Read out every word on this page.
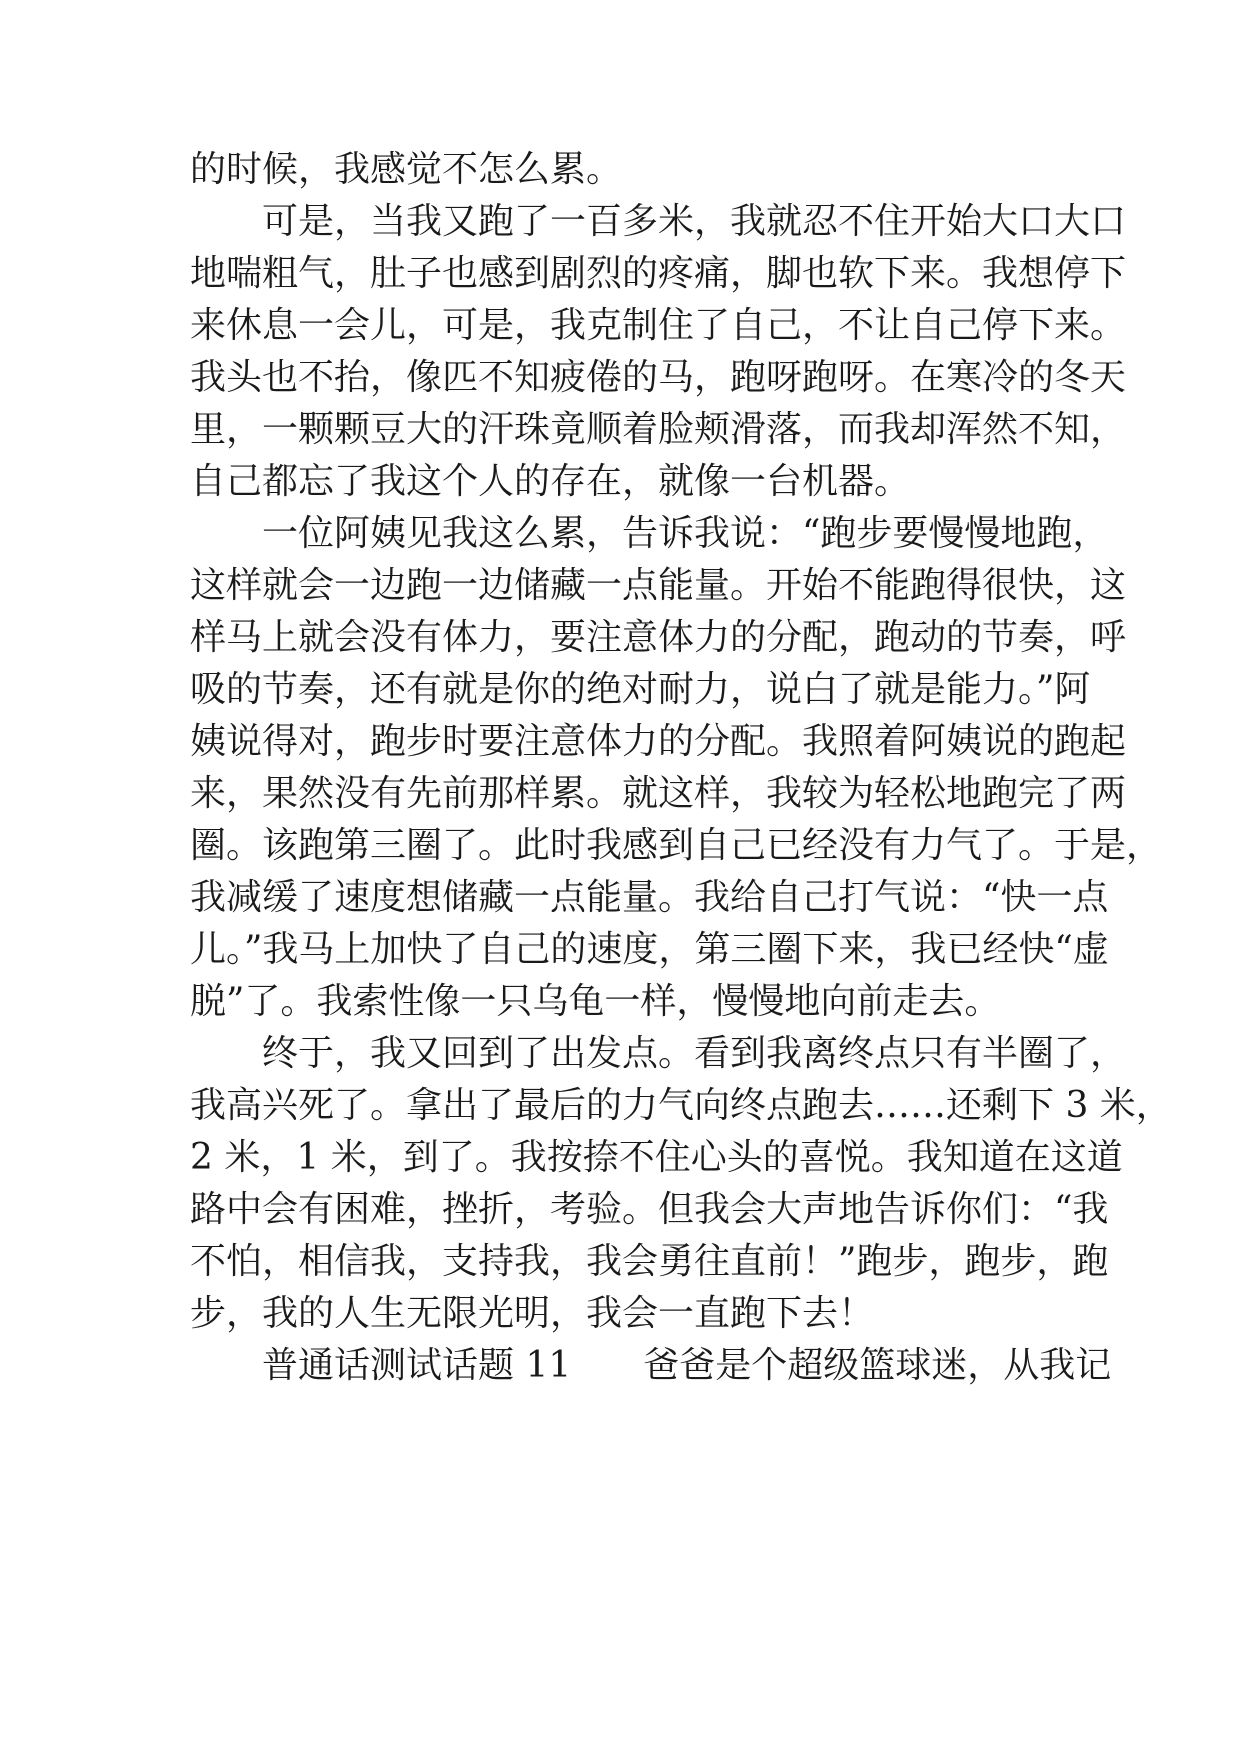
的时候，我感觉不怎么累。
可是，当我又跑了一百多米，我就忍不住开始大口大口
地喘粗气，肚子也感到剧烈的疼痛，脚也软下来。我想停下
来休息一会儿，可是，我克制住了自己，不让自己停下来。
我头也不抬，像匹不知疲倦的马，跑呀跑呀。在寒冷的冬天
里，一颗颗豆大的汗珠竟顺着脸颊滑落，而我却浑然不知，
自己都忘了我这个人的存在，就像一台机器。
一位阿姨见我这么累，告诉我说：“跑步要慢慢地跑，
这样就会一边跑一边储藏一点能量。开始不能跑得很快，这
样马上就会没有体力，要注意体力的分配，跑动的节奏，呼
吸的节奏，还有就是你的绝对耐力，说白了就是能力。”阿
姨说得对，跑步时要注意体力的分配。我照着阿姨说的跑起
来，果然没有先前那样累。就这样，我较为轻松地跑完了两
圈。该跑第三圈了。此时我感到自己已经没有力气了。于是，
我减缓了速度想储藏一点能量。我给自己打气说：“快一点
儿。”我马上加快了自己的速度，第三圈下来，我已经快“虚
脱”了。我索性像一只乌龟一样，慢慢地向前走去。
终于，我又回到了出发点。看到我离终点只有半圈了，
我高兴死了。拿出了最后的力气向终点跑去……还剩下 3 米，
2 米，1 米，到了。我按捺不住心头的喜悦。我知道在这道
路中会有困难，挫折，考验。但我会大声地告诉你们：“我
不怕，相信我，支持我，我会勇往直前！”跑步，跑步，跑
步，我的人生无限光明，我会一直跑下去！
普通话测试话题 11　　爸爸是个超级篮球迷，从我记
